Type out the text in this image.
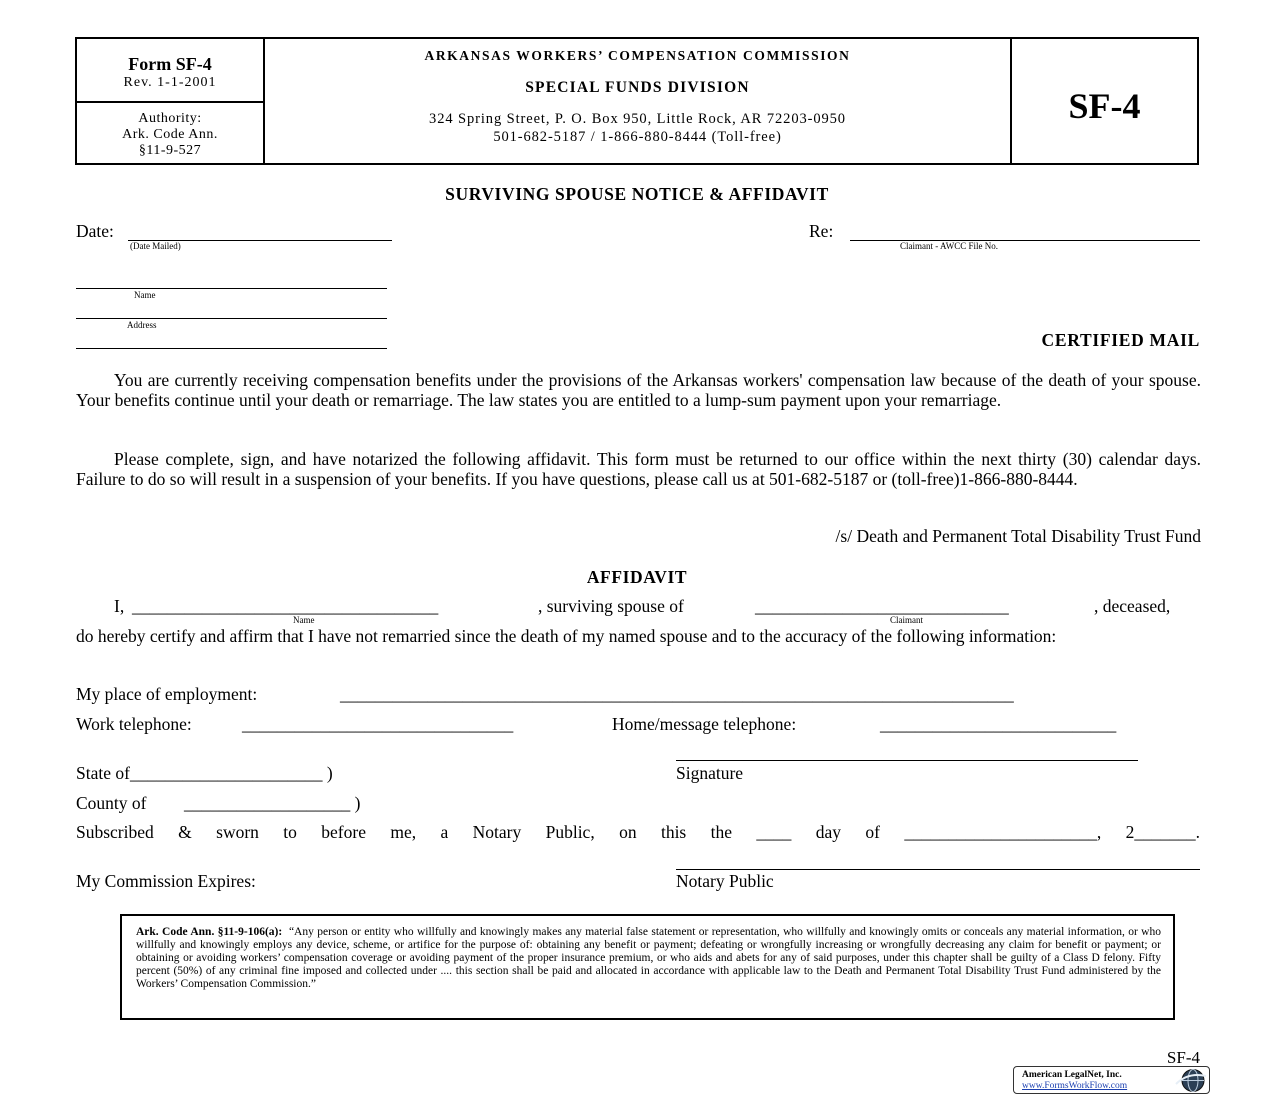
Form SF-4
Rev. 1-1-2001
Authority:
Ark. Code Ann.
§11-9-527
ARKANSAS WORKERS’ COMPENSATION COMMISSION
SPECIAL FUNDS DIVISION
324 Spring Street, P. O. Box 950, Little Rock, AR 72203-0950
501-682-5187 / 1-866-880-8444 (Toll-free)
SF-4
SURVIVING SPOUSE NOTICE & AFFIDAVIT
Date:
(Date Mailed)
Re:
Claimant - AWCC File No.
Name
Address
CERTIFIED MAIL
You are currently receiving compensation benefits under the provisions of the Arkansas workers' compensation law because of the death of your spouse. Your benefits continue until your death or remarriage. The law states you are entitled to a lump-sum payment upon your remarriage.
Please complete, sign, and have notarized the following affidavit. This form must be returned to our office within the next thirty (30) calendar days. Failure to do so will result in a suspension of your benefits. If you have questions, please call us at 501-682-5187 or (toll-free)1-866-880-8444.
/s/ Death and Permanent Total Disability Trust Fund
AFFIDAVIT
I, ___________________________________	, surviving spouse of	_____________________________	, deceased,
Name	Claimant
do hereby certify and affirm that I have not remarried since the death of my named spouse and to the accuracy of the following information:
My place of employment:	_____________________________________________________________________________
Work telephone:	_______________________________	Home/message telephone:	___________________________
State of ______________________ )	Signature
County of ___________________ )
Subscribed & sworn to before me, a Notary Public, on this the ____ day of ______________________, 2_______.
My Commission Expires:	Notary Public
Ark. Code Ann. §11-9-106(a): “Any person or entity who willfully and knowingly makes any material false statement or representation, who willfully and knowingly omits or conceals any material information, or who willfully and knowingly employs any device, scheme, or artifice for the purpose of: obtaining any benefit or payment; defeating or wrongfully increasing or wrongfully decreasing any claim for benefit or payment; or obtaining or avoiding workers’ compensation coverage or avoiding payment of the proper insurance premium, or who aids and abets for any of said purposes, under this chapter shall be guilty of a Class D felony. Fifty percent (50%) of any criminal fine imposed and collected under .... this section shall be paid and allocated in accordance with applicable law to the Death and Permanent Total Disability Trust Fund administered by the Workers’ Compensation Commission.”
SF-4
American LegalNet, Inc.
www.FormsWorkFlow.com
